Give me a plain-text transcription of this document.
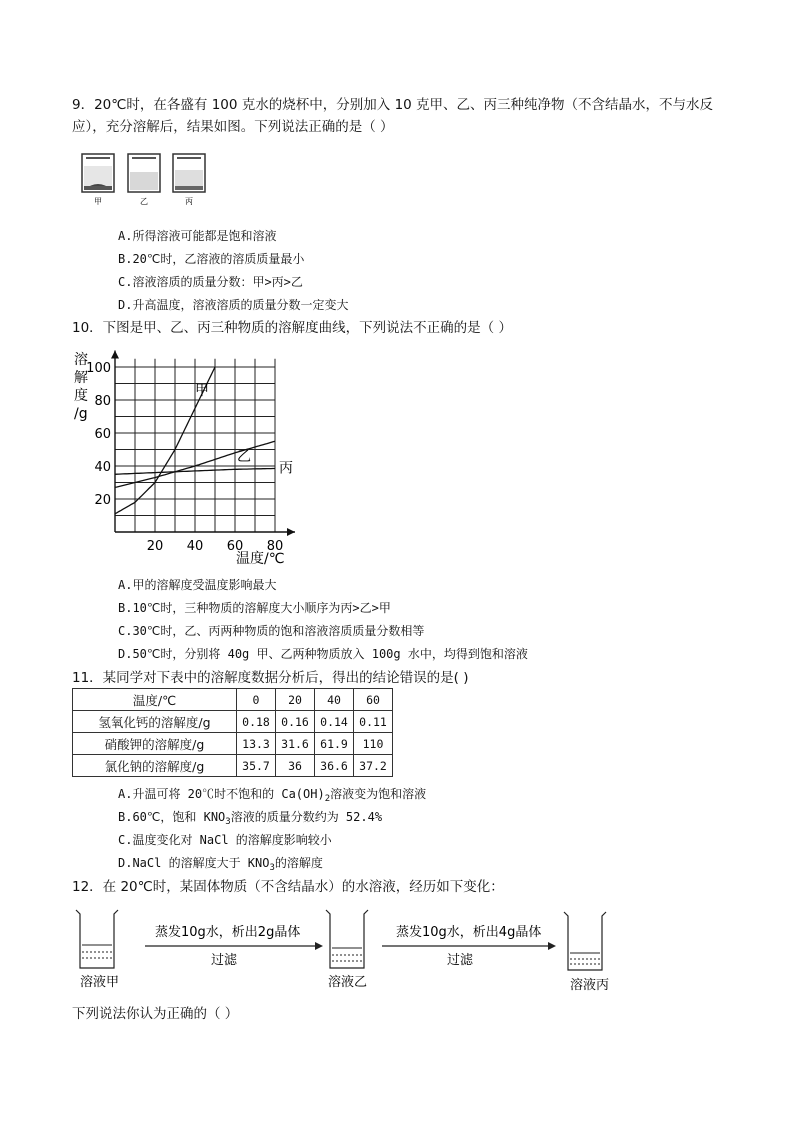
9．20℃时，在各盛有 100 克水的烧杯中，分别加入 10 克甲、乙、丙三种纯净物（不含结晶水，不与水反
应），充分溶解后，结果如图。下列说法正确的是（ ）
甲	乙	丙
A.所得溶液可能都是饱和溶液
B.20℃时，乙溶液的溶质质量最小
C.溶液溶质的质量分数：甲>丙>乙
D.升高温度，溶液溶质的质量分数一定变大
10．下图是甲、乙、丙三种物质的溶解度曲线，下列说法不正确的是（ ）
甲
乙
丙
20 40 60 80
20
40
60
80
100
溶
解
度
/g
温度/℃
A.甲的溶解度受温度影响最大
B.10℃时，三种物质的溶解度大小顺序为丙>乙>甲
C.30℃时，乙、丙两种物质的饱和溶液溶质质量分数相等
D.50℃时，分别将 40g 甲、乙两种物质放入 100g 水中，均得到饱和溶液
11．某同学对下表中的溶解度数据分析后，得出的结论错误的是( )
温度/℃	0	20	40	60
氢氧化钙的溶解度/g	0.18	0.16	0.14	0.11
硝酸钾的溶解度/g	13.3	31.6	61.9	110
氯化钠的溶解度/g	35.7	36	36.6	37.2
A.升温可将 20℃时不饱和的 $Ca(OH)_2$溶液变为饱和溶液
B.60℃，饱和 $KNO_3$溶液的质量分数约为 52.4%
C.温度变化对 NaCl 的溶解度影响较小
D.NaCl 的溶解度大于 $KNO_3$的溶解度
12．在 20℃时，某固体物质（不含结晶水）的水溶液，经历如下变化：
溶液甲
蒸发10g水，析出2g晶体
过滤
溶液乙
蒸发10g水，析出4g晶体
过滤
溶液丙
下列说法你认为正确的（ ）
